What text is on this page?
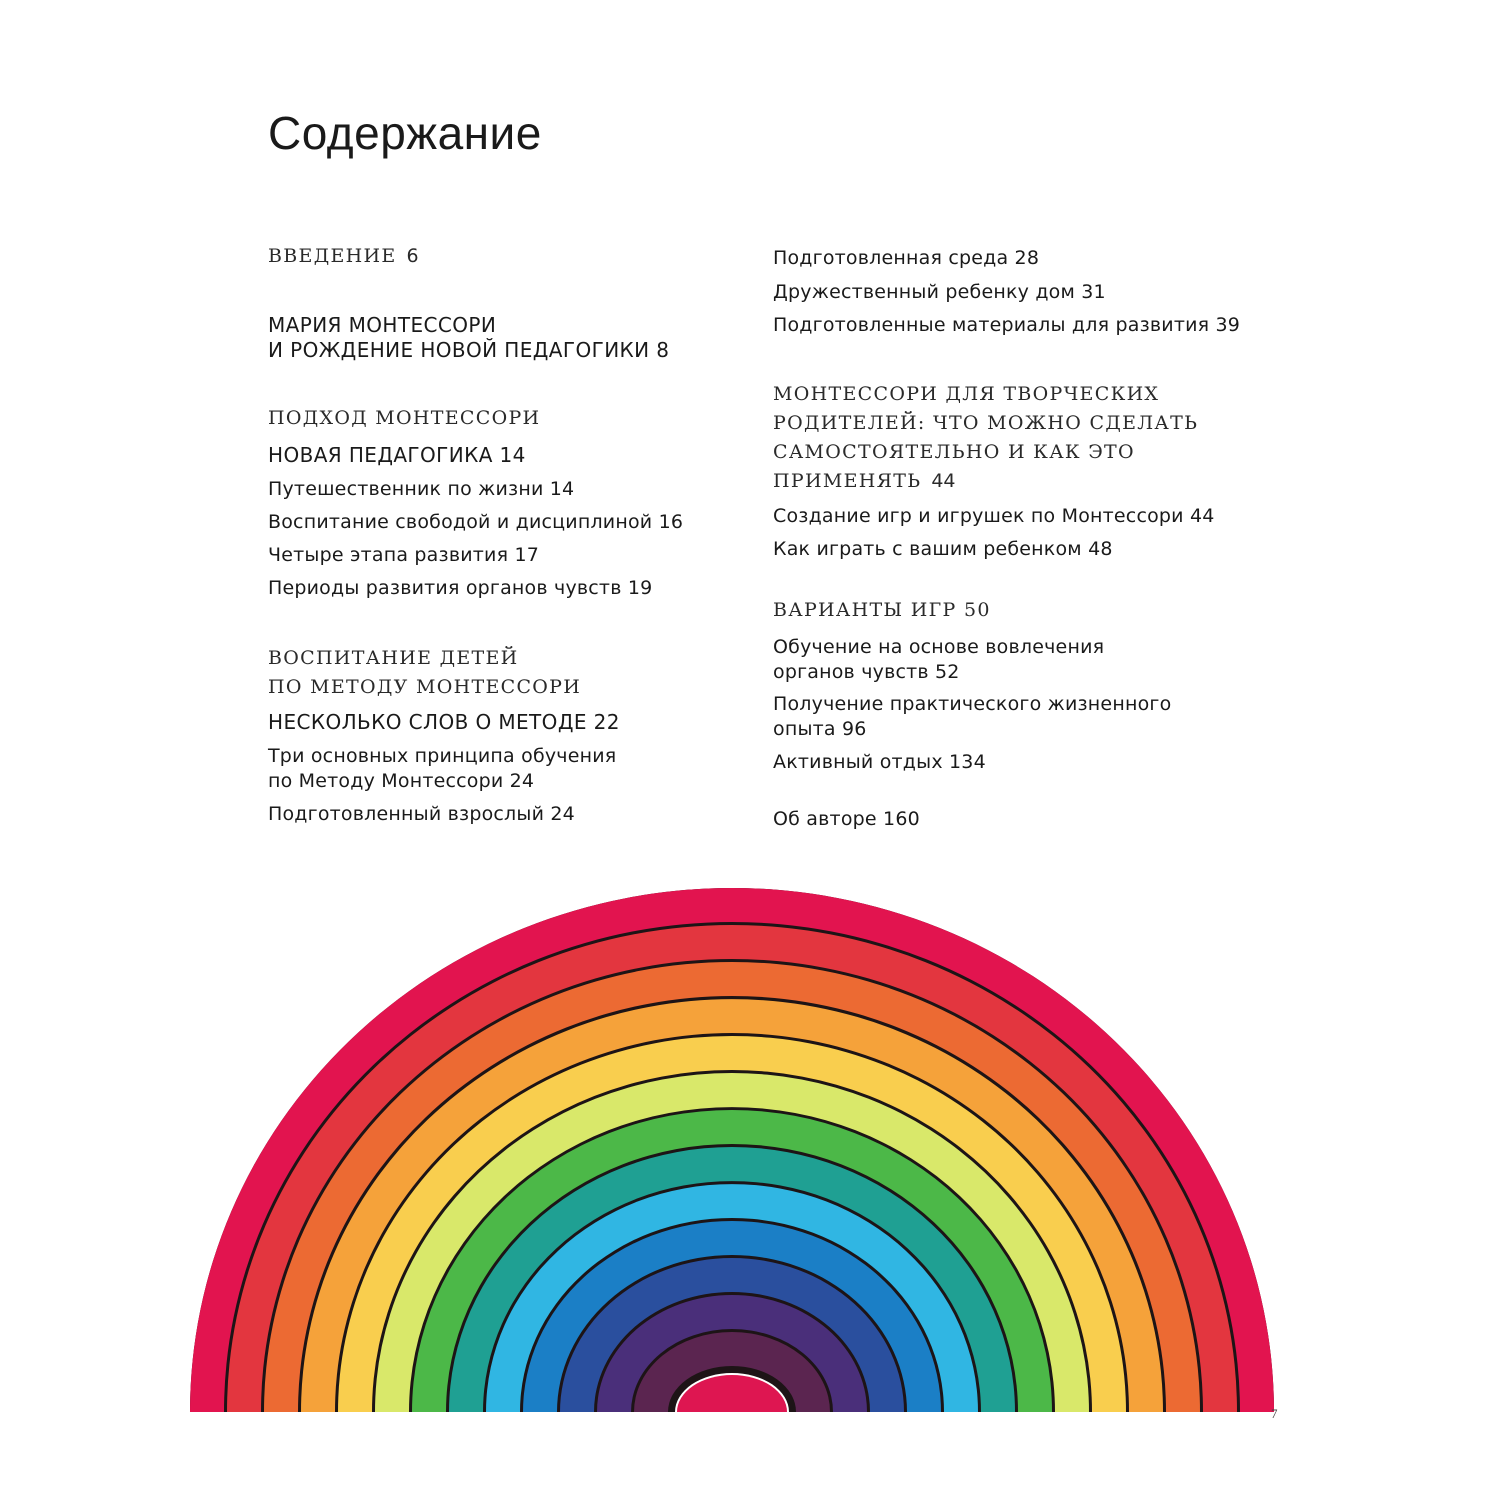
Содержание
ВВЕДЕНИЕ 6
МАРИЯ МОНТЕССОРИ
И РОЖДЕНИЕ НОВОЙ ПЕДАГОГИКИ 8
ПОДХОД МОНТЕССОРИ
НОВАЯ ПЕДАГОГИКА 14
Путешественник по жизни 14
Воспитание свободой и дисциплиной 16
Четыре этапа развития 17
Периоды развития органов чувств 19
ВОСПИТАНИЕ ДЕТЕЙ
ПО МЕТОДУ МОНТЕССОРИ
НЕСКОЛЬКО СЛОВ О МЕТОДЕ 22
Три основных принципа обучения
по Методу Монтессори 24
Подготовленный взрослый 24
Подготовленная среда 28
Дружественный ребенку дом 31
Подготовленные материалы для развития 39
МОНТЕССОРИ ДЛЯ ТВОРЧЕСКИХ
РОДИТЕЛЕЙ: ЧТО МОЖНО СДЕЛАТЬ
САМОСТОЯТЕЛЬНО И КАК ЭТО
ПРИМЕНЯТЬ 44
Создание игр и игрушек по Монтессори 44
Как играть с вашим ребенком 48
ВАРИАНТЫ ИГР 50
Обучение на основе вовлечения
органов чувств 52
Получение практического жизненного
опыта 96
Активный отдых 134
Об авторе 160
7
